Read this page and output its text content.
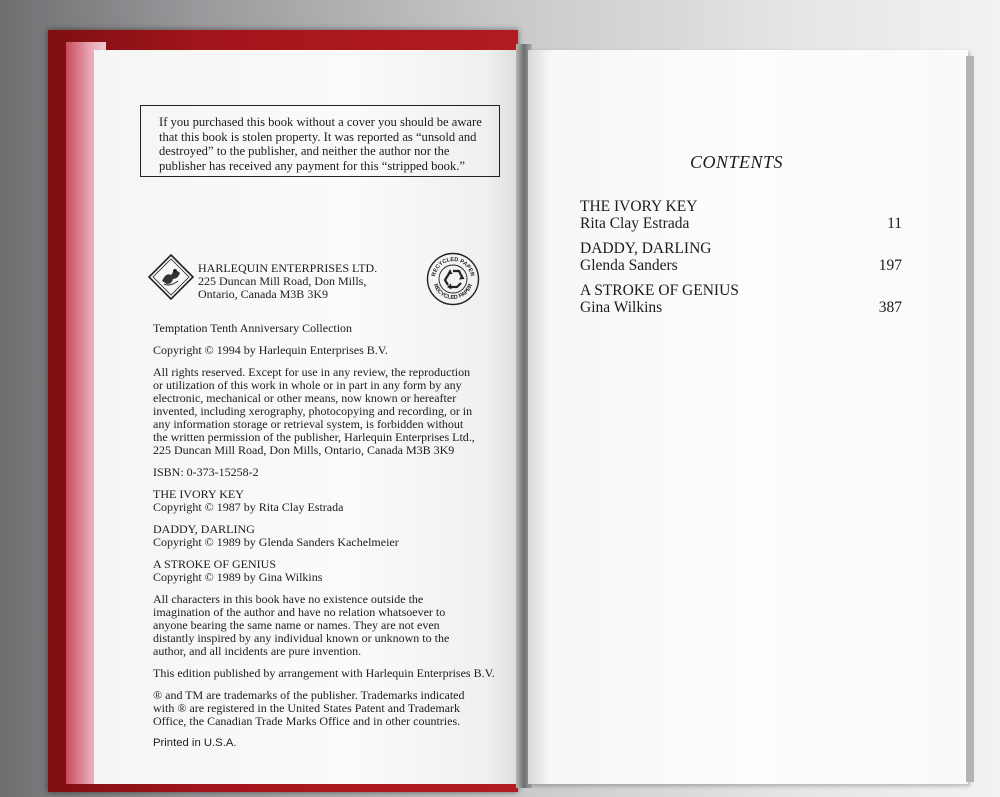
If you purchased this book without a cover you should be aware

that this book is stolen property. It was reported as “unsold and

destroyed” to the publisher, and neither the author nor the

publisher has received any payment for this “stripped book.”

HARLEQUIN ENTERPRISES LTD.
225 Duncan Mill Road, Don Mills,
Ontario, Canada M3B 3K9
RECYCLED PAPER
RECYCLED PAPER

Temptation Tenth Anniversary Collection

Copyright © 1994 by Harlequin Enterprises B.V.

All rights reserved. Except for use in any review, the reproduction

or utilization of this work in whole or in part in any form by any

electronic, mechanical or other means, now known or hereafter

invented, including xerography, photocopying and recording, or in

any information storage or retrieval system, is forbidden without

the written permission of the publisher, Harlequin Enterprises Ltd.,

225 Duncan Mill Road, Don Mills, Ontario, Canada M3B 3K9

ISBN: 0-373-15258-2

THE IVORY KEY

Copyright © 1987 by Rita Clay Estrada

DADDY, DARLING

Copyright © 1989 by Glenda Sanders Kachelmeier

A STROKE OF GENIUS

Copyright © 1989 by Gina Wilkins

All characters in this book have no existence outside the

imagination of the author and have no relation whatsoever to

anyone bearing the same name or names. They are not even

distantly inspired by any individual known or unknown to the

author, and all incidents are pure invention.

This edition published by arrangement with Harlequin Enterprises B.V.

® and TM are trademarks of the publisher. Trademarks indicated

with ® are registered in the United States Patent and Trademark

Office, the Canadian Trade Marks Office and in other countries.

Printed in U.S.A.

CONTENTS
THE IVORY KEY
Rita Clay Estrada	11
DADDY, DARLING
Glenda Sanders	197
A STROKE OF GENIUS
Gina Wilkins	387
